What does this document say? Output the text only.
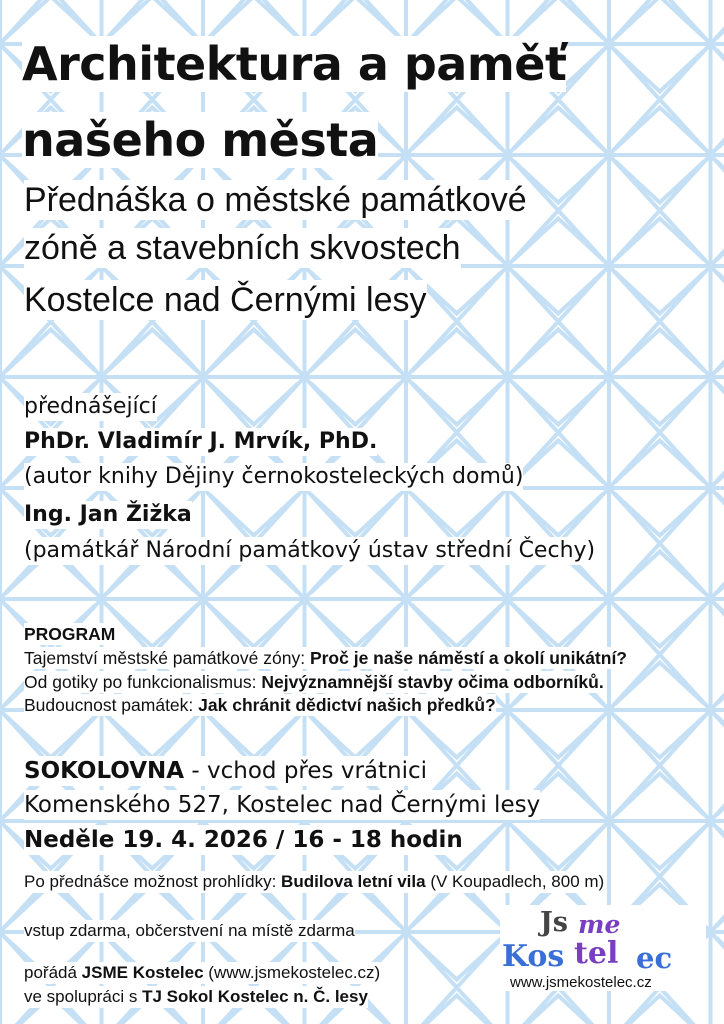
Architektura a paměť
našeho města
Přednáška o městské památkové
zóně a stavebních skvostech
Kostelce nad Černými lesy
přednášející
PhDr. Vladimír J. Mrvík, PhD.
(autor knihy Dějiny černokosteleckých domů)
Ing. Jan Žižka
(památkář Národní památkový ústav střední Čechy)
PROGRAM
Tajemství městské památkové zóny: Proč je naše náměstí a okolí unikátní?
Od gotiky po funkcionalismus: Nejvýznamnější stavby očima odborníků.
Budoucnost památek: Jak chránit dědictví našich předků?
SOKOLOVNA - vchod přes vrátnici
Komenského 527, Kostelec nad Černými lesy
Neděle 19. 4. 2026 / 16 - 18 hodin
Po přednášce možnost prohlídky: Budilova letní vila (V Koupadlech, 800 m)
vstup zdarma, občerstvení na místě zdarma
pořádá JSME Kostelec (www.jsmekostelec.cz)
ve spolupráci s TJ Sokol Kostelec n. Č. lesy
Js me
Kos tel ec
www.jsmekostelec.cz
